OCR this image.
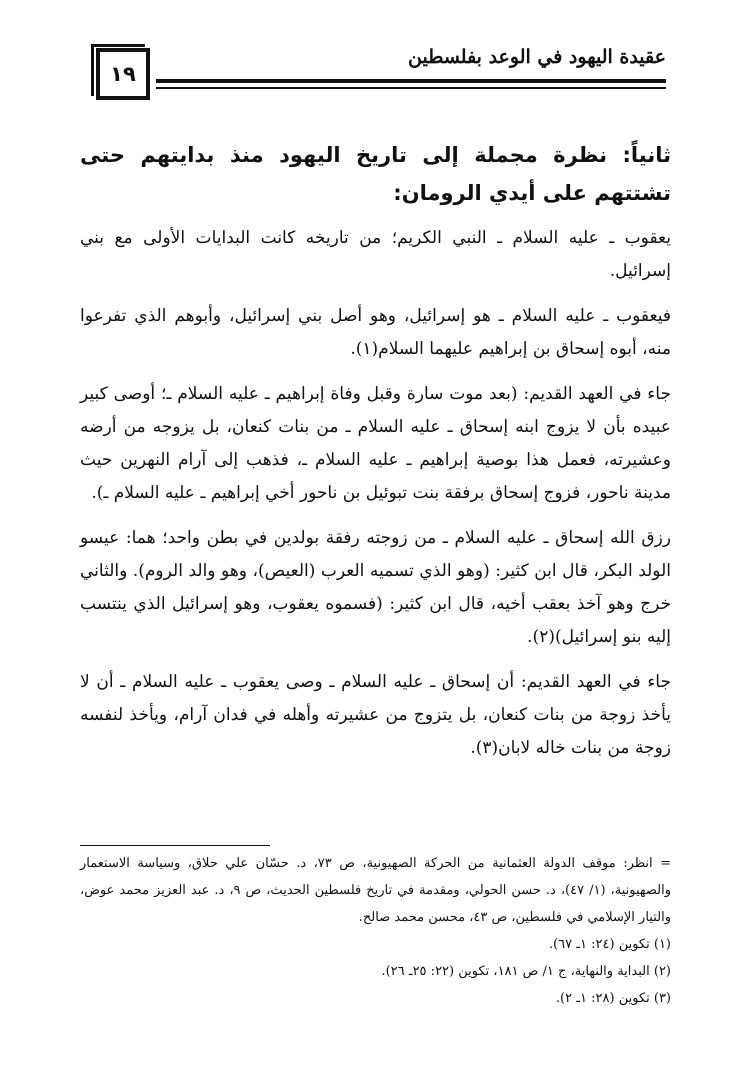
١٩
عقيدة اليهود في الوعد بفلسطين

ثانياً: نظرة مجملة إلى تاريخ اليهود منذ بدايتهم حتى تشتتهم على أيدي الرومان:

يعقوب ـ عليه السلام ـ النبي الكريم؛ من تاريخه كانت البدايات الأولى مع بني إسرائيل.

فيعقوب ـ عليه السلام ـ هو إسرائيل، وهو أصل بني إسرائيل، وأبوهم الذي تفرعوا منه، أبوه إسحاق بن إبراهيم عليهما السلام(١).

جاء في العهد القديم: (بعد موت سارة وقبل وفاة إبراهيم ـ عليه السلام ـ؛ أوصى كبير عبيده بأن لا يزوج ابنه إسحاق ـ عليه السلام ـ من بنات كنعان، بل يزوجه من أرضه وعشيرته، فعمل هذا بوصية إبراهيم ـ عليه السلام ـ، فذهب إلى آرام النهرين حيث مدينة ناحور، فزوج إسحاق برفقة بنت تبوئيل بن ناحور أخي إبراهيم ـ عليه السلام ـ).

رزق الله إسحاق ـ عليه السلام ـ من زوجته رفقة بولدين في بطن واحد؛ هما: عيسو الولد البكر، قال ابن كثير: (وهو الذي تسميه العرب (العيص)، وهو والد الروم). والثاني خرج وهو آخذ بعقب أخيه، قال ابن كثير: (فسموه يعقوب، وهو إسرائيل الذي ينتسب إليه بنو إسرائيل)(٢).

جاء في العهد القديم: أن إسحاق ـ عليه السلام ـ وصى يعقوب ـ عليه السلام ـ أن لا يأخذ زوجة من بنات كنعان، بل يتزوج من عشيرته وأهله في فدان آرام، ويأخذ لنفسه زوجة من بنات خاله لابان(٣).

= انظر: موقف الدولة العثمانية من الحركة الصهيونية، ص ٧٣، د. حسّان علي حلاق، وسياسة الاستعمار والصهيونية، (١/ ٤٧)، د. حسن الحولي، ومقدمة في تاريخ فلسطين الحديث، ص ٩، د. عبد العزيز محمد عوض، والتيار الإسلامي في فلسطين، ص ٤٣، محسن محمد صالح.

(١) تكوين (٢٤: ١ـ ٦٧).

(٢) البداية والنهاية، ج ١/ ص ١٨١، تكوين (٢٢: ٢٥ـ ٢٦).

(٣) تكوين (٢٨: ١ـ ٢).
